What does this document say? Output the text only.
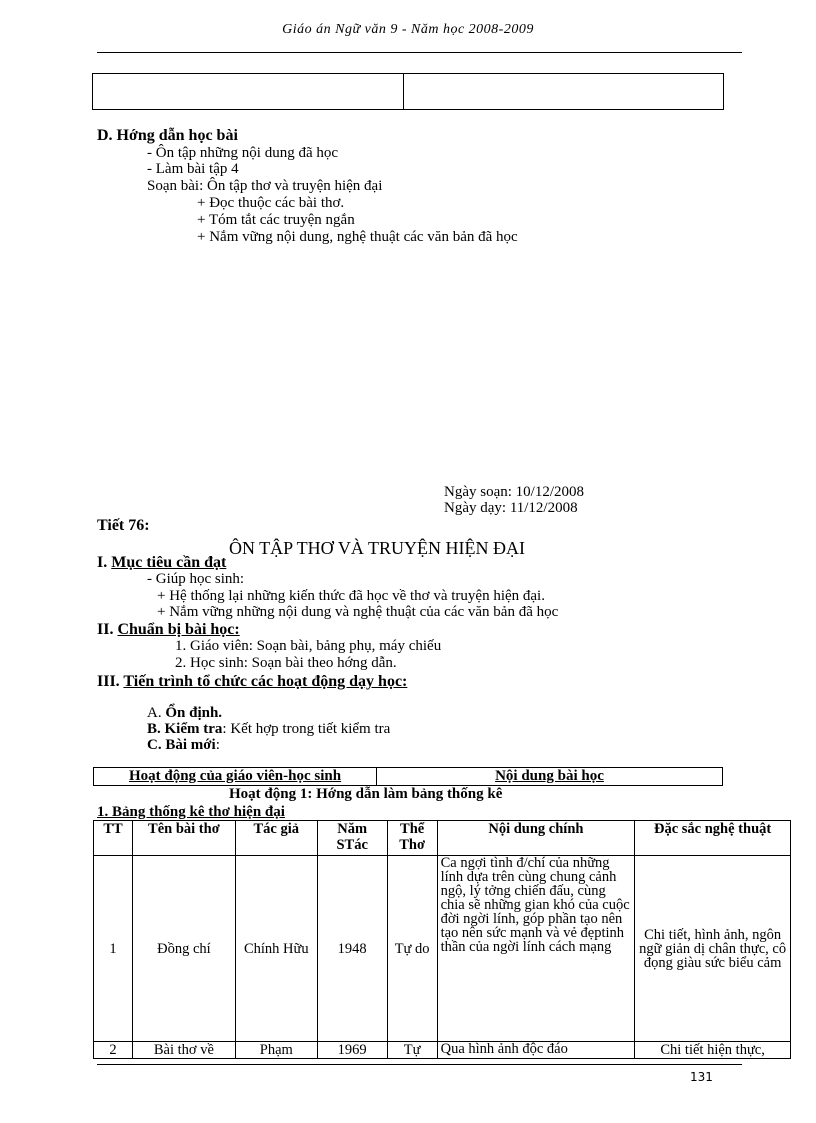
Giáo án Ngữ văn 9 - Năm học 2008-2009
D. Hớng dẫn học bài
- Ôn tập những nội dung đã học
- Làm bài tập 4
Soạn bài: Ôn tập thơ và truyện hiện đại
+ Đọc thuộc các bài thơ.
+ Tóm tắt các truyện ngắn
+ Nắm vững nội dung, nghệ thuật các văn bản đã học
Ngày soạn: 10/12/2008
Ngày dạy: 11/12/2008
Tiết 76:
ÔN TẬP THƠ VÀ TRUYỆN HIỆN ĐẠI
I. Mục tiêu cần đạt
- Giúp học sinh:
+ Hệ thống lại những kiến thức đã học về thơ và truyện hiện đại.
+ Nắm vững những nội dung và nghệ thuật của các văn bản đã học
II. Chuẩn bị bài học:
1. Giáo viên: Soạn bài, bảng phụ, máy chiếu
2. Học sinh: Soạn bài theo hớng dẫn.
III. Tiến trình tổ chức các hoạt động dạy học:
A. Ổn định.
B. Kiểm tra: Kết hợp trong tiết kiểm tra
C. Bài mới:
Hoạt động của giáo viên-học sinh	Nội dung bài học
Hoạt động 1: Hớng dẫn làm bảng thống kê
1. Bảng thống kê thơ hiện đại
TT	Tên bài thơ	Tác giả	Năm STác	Thể Thơ	Nội dung chính	Đặc sắc nghệ thuật
1	Đồng chí	Chính Hữu	1948	Tự do	Ca ngợi tình đ/chí của những lính dựa trên cùng chung cảnh ngộ, lý tởng chiến đấu, cùng chia sẽ những gian khó của cuộc đời ngời lính, góp phần tạo nên tạo nên sức mạnh và vẻ đẹptinh thần của ngời lính cách mạng	Chi tiết, hình ảnh, ngôn ngữ giản dị chân thực, cô đọng giàu sức biểu cảm
2	Bài thơ về	Phạm	1969	Tự	Qua hình ảnh độc đáo	Chi tiết hiện thực,
131
